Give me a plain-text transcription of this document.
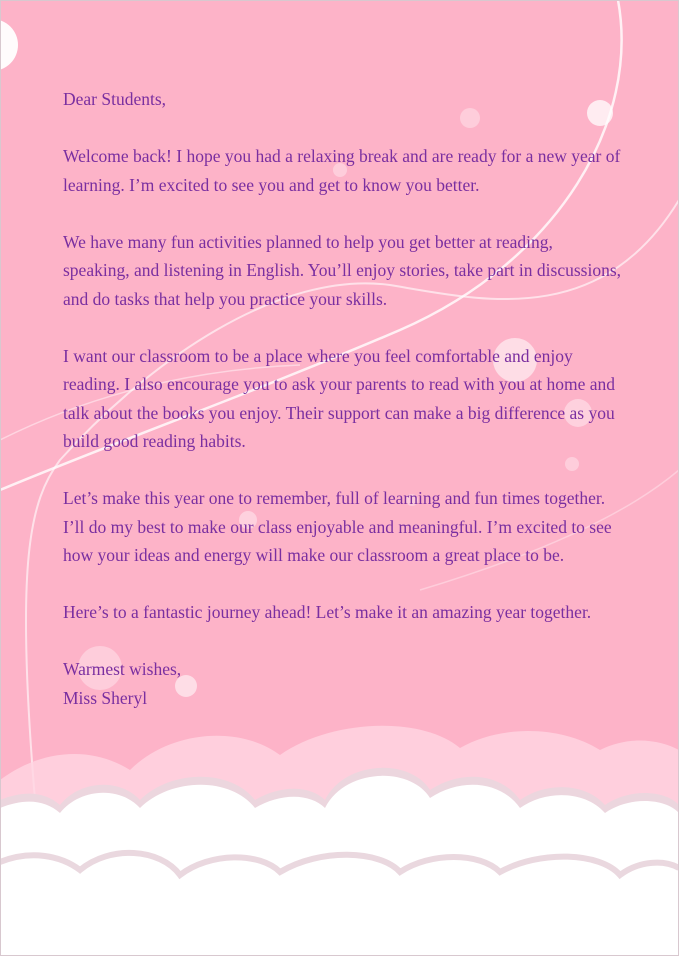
Dear Students,

Welcome back! I hope you had a relaxing break and are ready for a new year of learning. I’m excited to see you and get to know you better.

We have many fun activities planned to help you get better at reading, speaking, and listening in English. You’ll enjoy stories, take part in discussions, and do tasks that help you practice your skills.

I want our classroom to be a place where you feel comfortable and enjoy reading. I also encourage you to ask your parents to read with you at home and talk about the books you enjoy. Their support can make a big difference as you build good reading habits.

Let’s make this year one to remember, full of learning and fun times together. I’ll do my best to make our class enjoyable and meaningful. I’m excited to see how your ideas and energy will make our classroom a great place to be.

Here’s to a fantastic journey ahead! Let’s make it an amazing year together.

Warmest wishes,
Miss Sheryl
